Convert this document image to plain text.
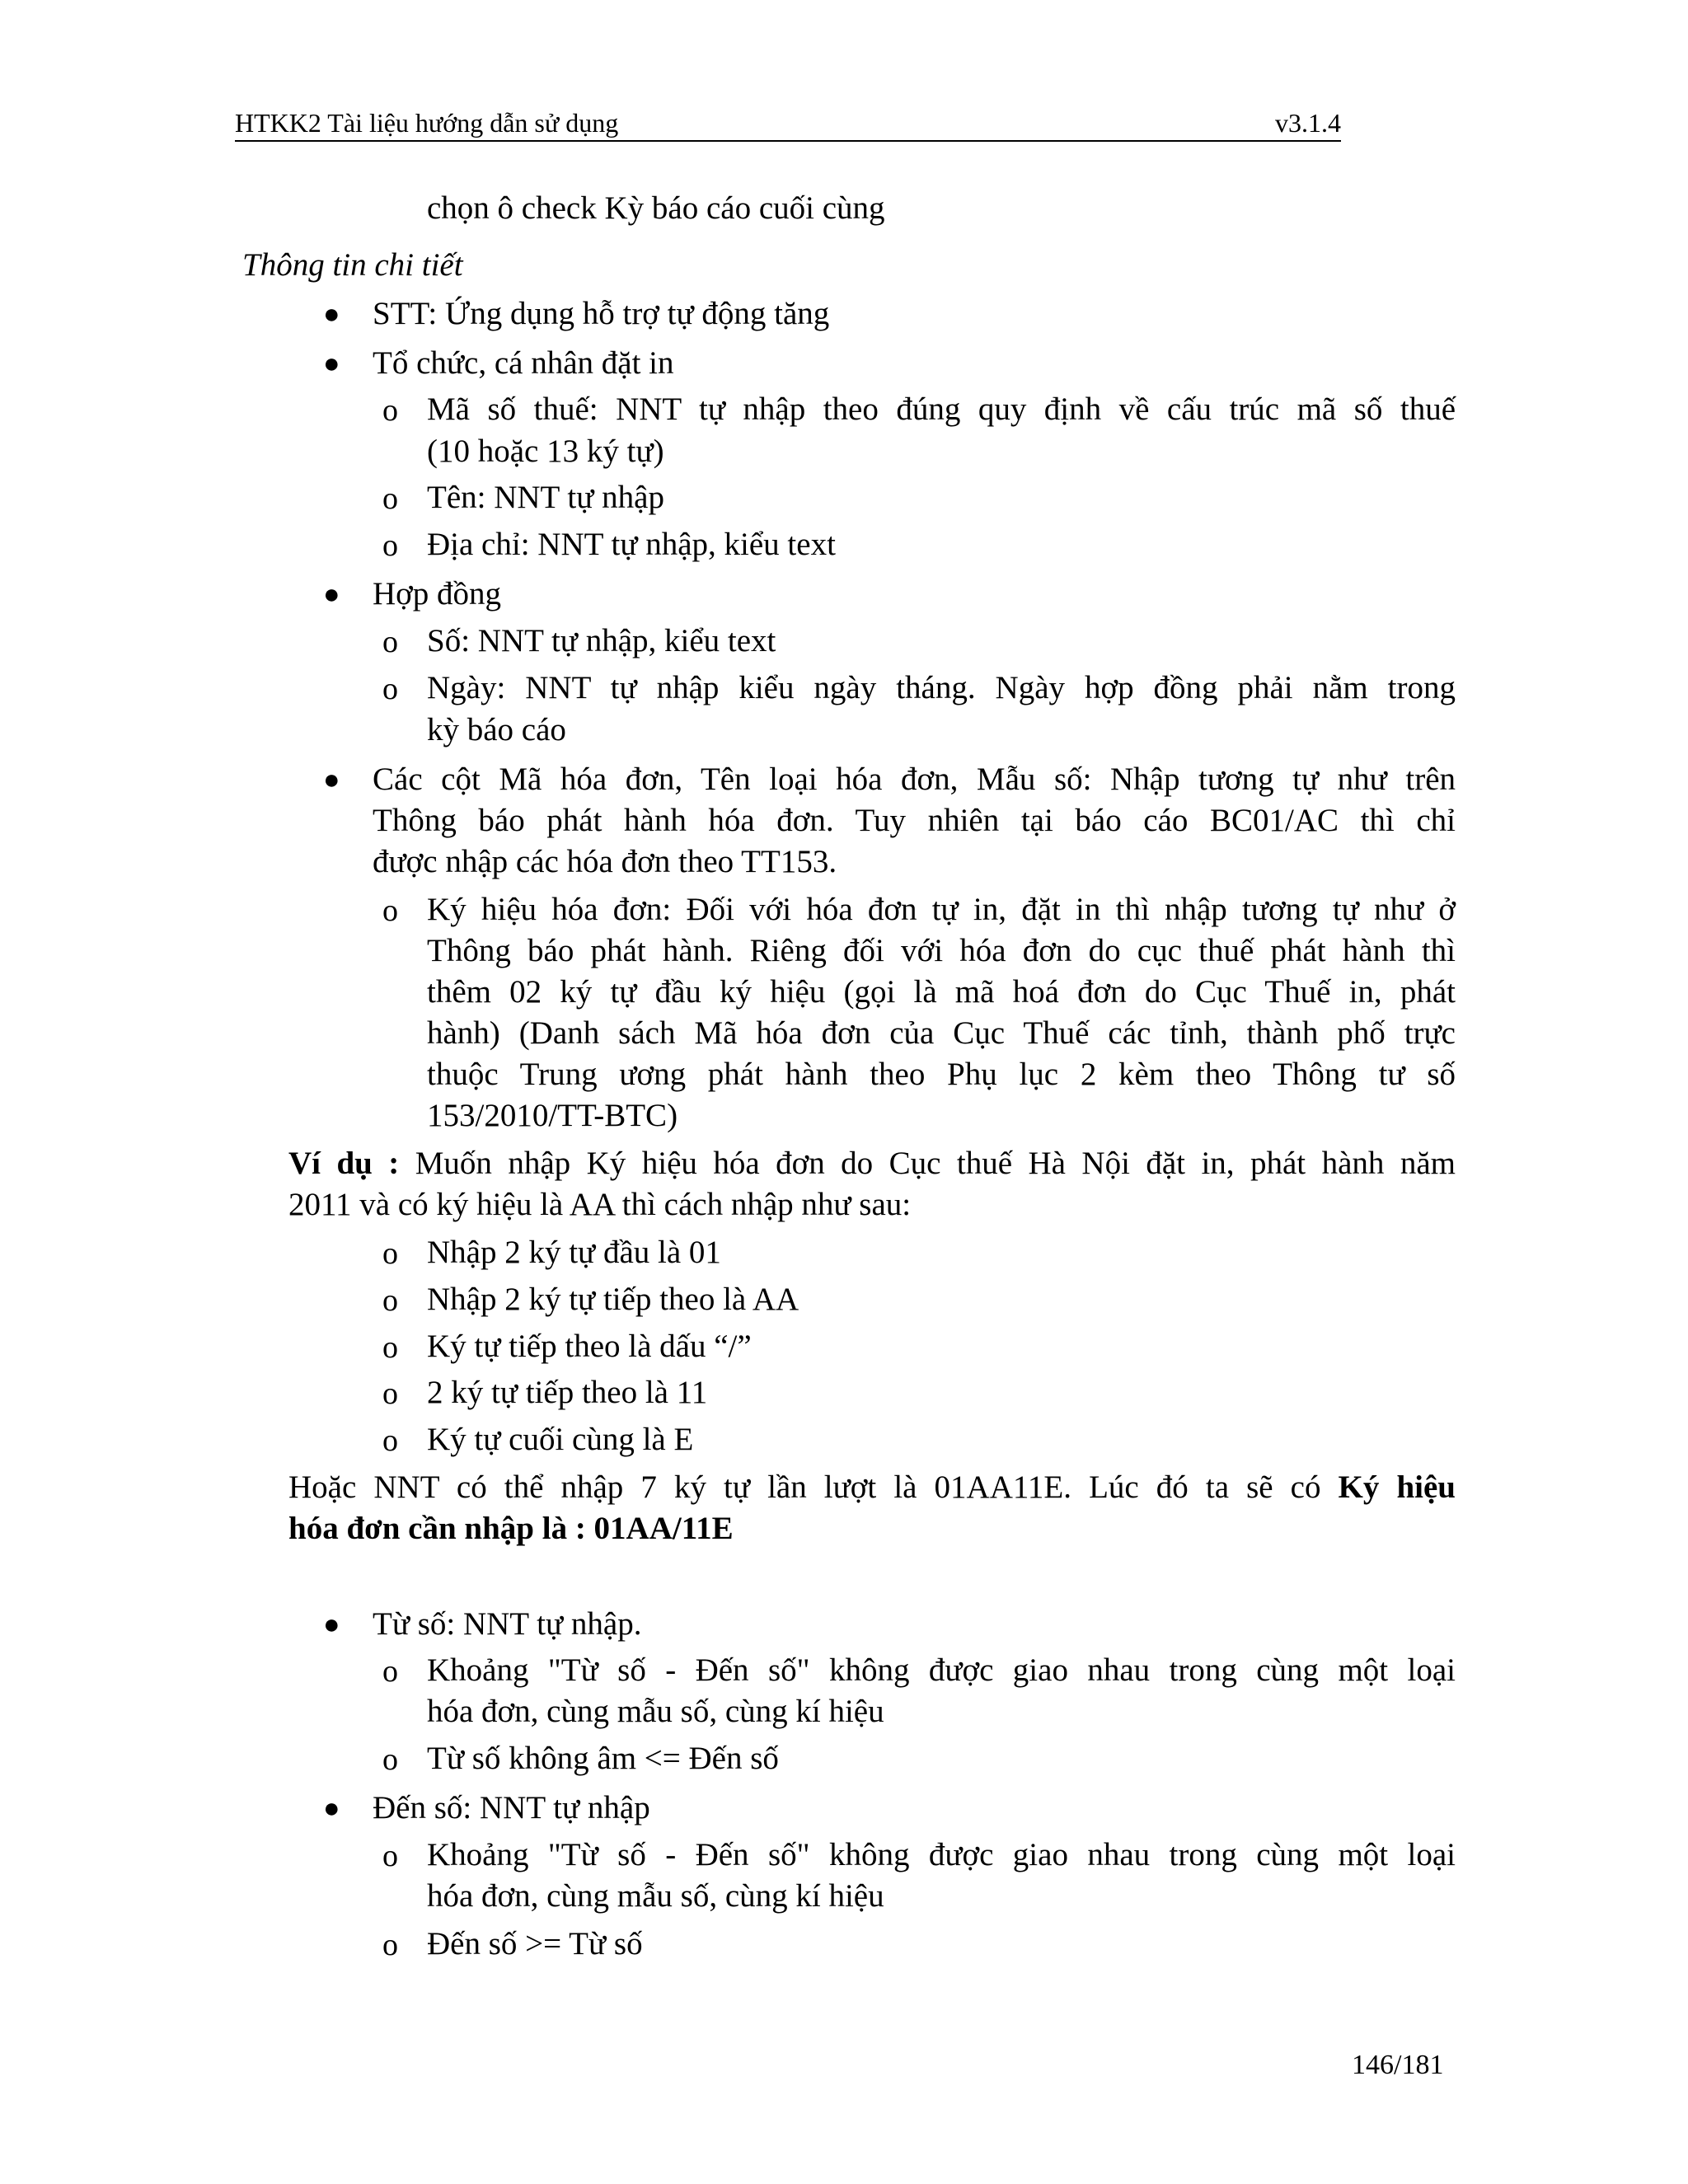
HTKK2 Tài liệu hướng dẫn sử dụng	v3.1.4
chọn ô check Kỳ báo cáo cuối cùng
Thông tin chi tiết
● STT: Ứng dụng hỗ trợ tự động tăng
● Tổ chức, cá nhân đặt in
o Mã số thuế: NNT tự nhập theo đúng quy định về cấu trúc mã số thuế
(10 hoặc 13 ký tự)
o Tên: NNT tự nhập
o Địa chỉ: NNT tự nhập, kiểu text
● Hợp đồng
o Số: NNT tự nhập, kiểu text
o Ngày: NNT tự nhập kiểu ngày tháng. Ngày hợp đồng phải nằm trong
kỳ báo cáo
● Các cột Mã hóa đơn, Tên loại hóa đơn, Mẫu số: Nhập tương tự như trên
Thông báo phát hành hóa đơn. Tuy nhiên tại báo cáo BC01/AC thì chỉ
được nhập các hóa đơn theo TT153.
o Ký hiệu hóa đơn: Đối với hóa đơn tự in, đặt in thì nhập tương tự như ở
Thông báo phát hành. Riêng đối với hóa đơn do cục thuế phát hành thì
thêm 02 ký tự đầu ký hiệu (gọi là mã hoá đơn do Cục Thuế in, phát
hành) (Danh sách Mã hóa đơn của Cục Thuế các tỉnh, thành phố trực
thuộc Trung ương phát hành theo Phụ lục 2 kèm theo Thông tư số
153/2010/TT-BTC)
Ví dụ : Muốn nhập Ký hiệu hóa đơn do Cục thuế Hà Nội đặt in, phát hành năm
2011 và có ký hiệu là AA thì cách nhập như sau:
o Nhập 2 ký tự đầu là 01
o Nhập 2 ký tự tiếp theo là AA
o Ký tự tiếp theo là dấu “/”
o 2 ký tự tiếp theo là 11
o Ký tự cuối cùng là E
Hoặc NNT có thể nhập 7 ký tự lần lượt là 01AA11E. Lúc đó ta sẽ có Ký hiệu
hóa đơn cần nhập là : 01AA/11E
● Từ số: NNT tự nhập.
o Khoảng "Từ số - Đến số" không được giao nhau trong cùng một loại
hóa đơn, cùng mẫu số, cùng kí hiệu
o Từ số không âm <= Đến số
● Đến số: NNT tự nhập
o Khoảng "Từ số - Đến số" không được giao nhau trong cùng một loại
hóa đơn, cùng mẫu số, cùng kí hiệu
o Đến số >= Từ số
146/181
